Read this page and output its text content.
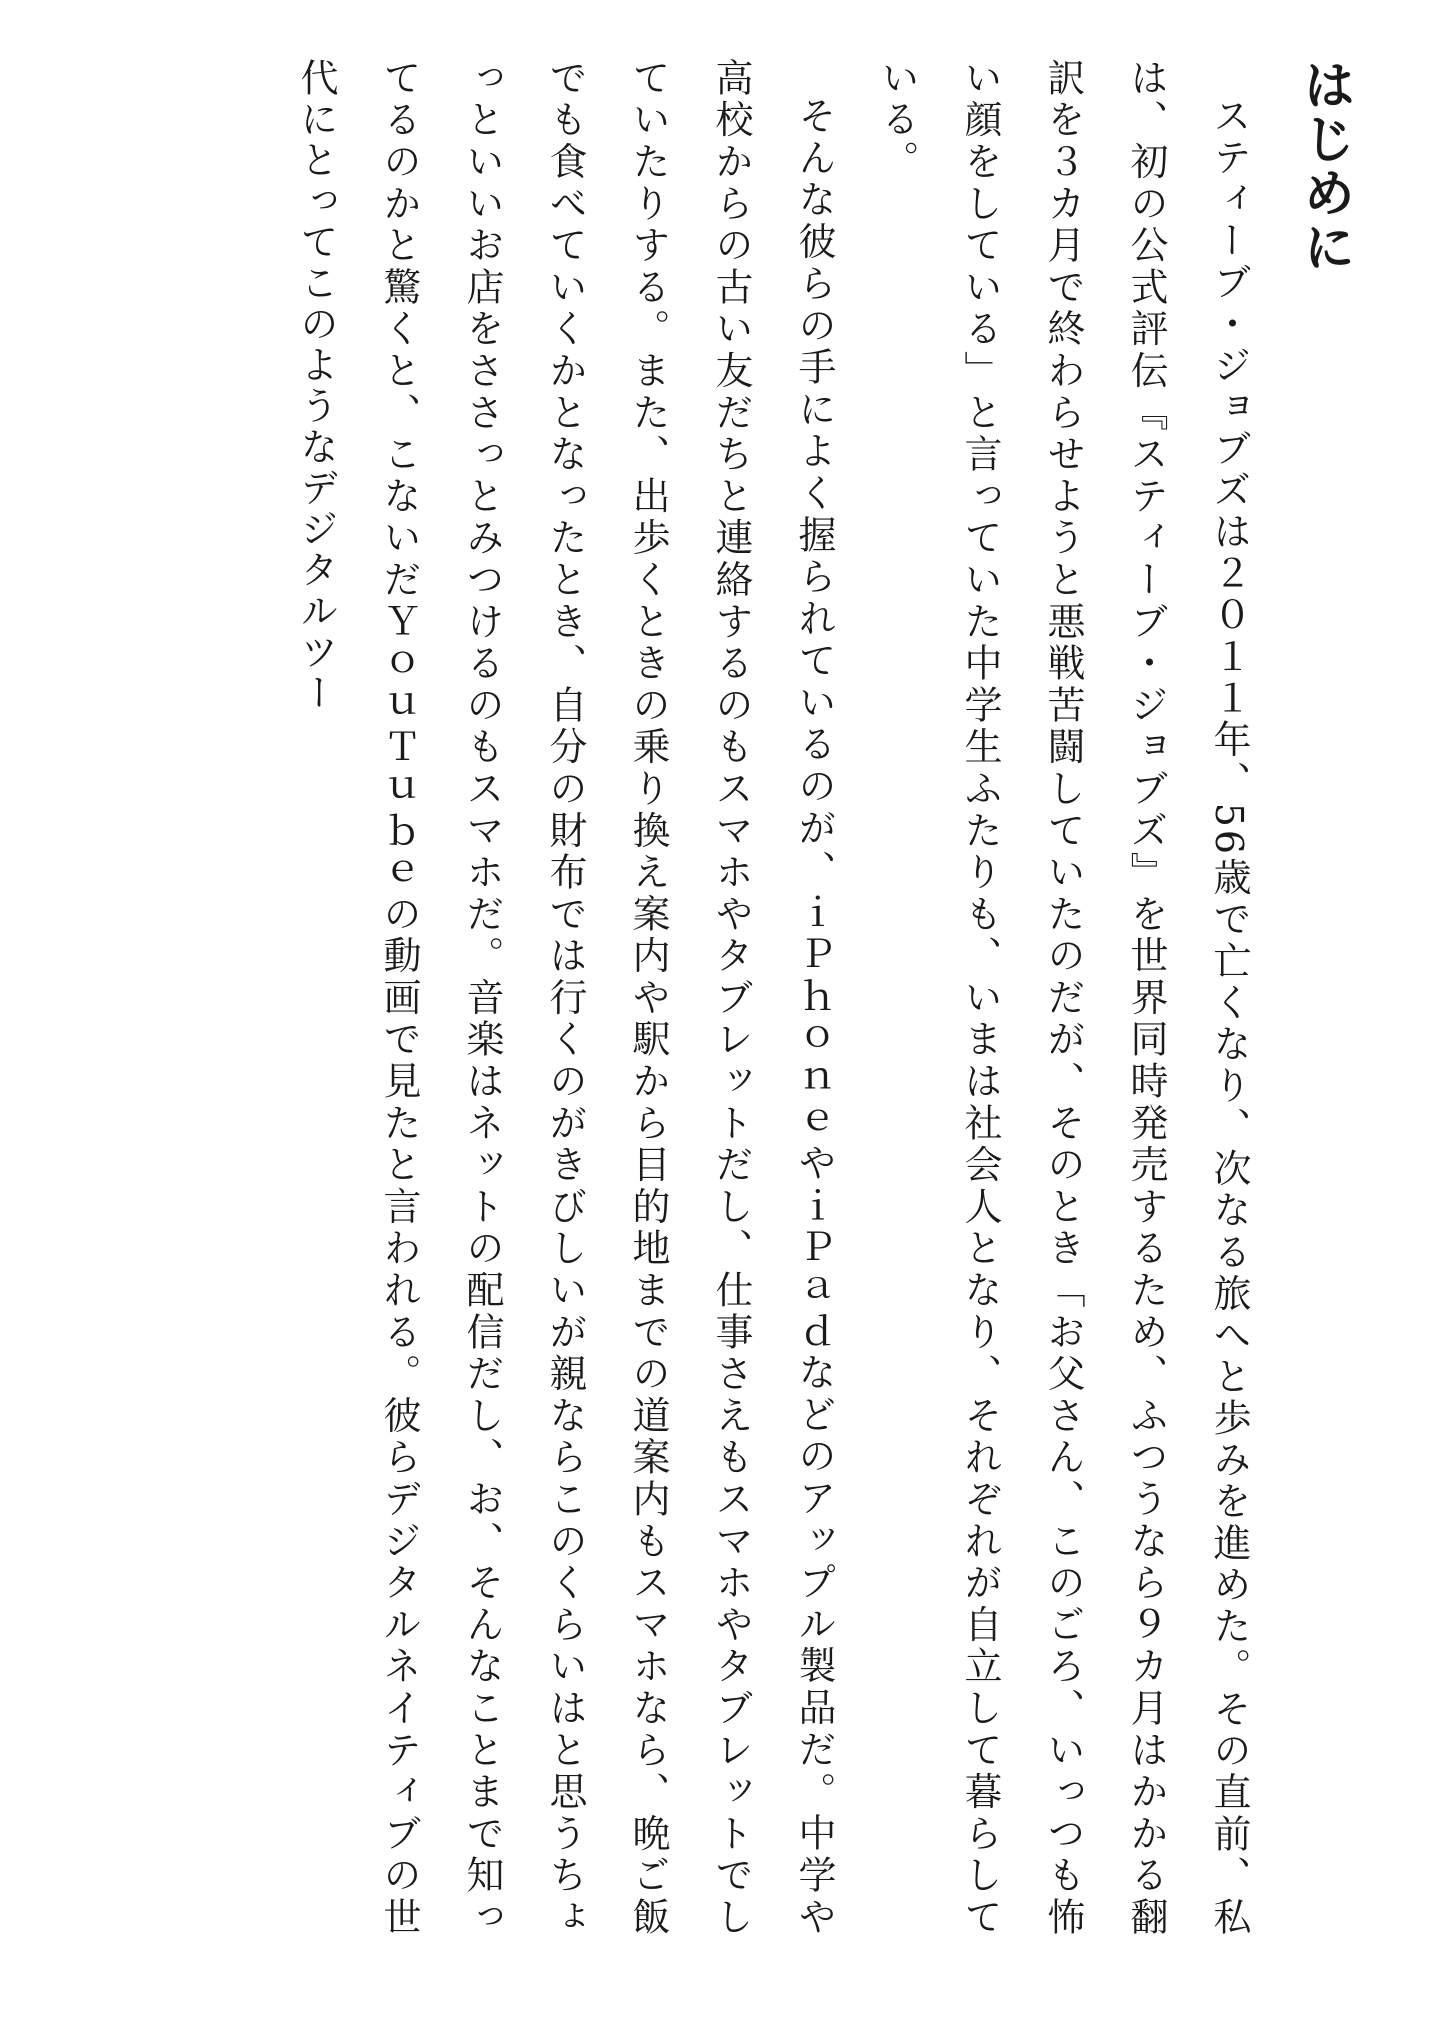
はじめに

スティーブ・ジョブズは２０１１年、56歳で亡くなり、次なる旅へと歩みを進めた。その直前、私は、初の公式評伝『スティーブ・ジョブズ』を世界同時発売するため、ふつうなら９カ月はかかる翻訳を３カ月で終わらせようと悪戦苦闘していたのだが、そのとき「お父さん、このごろ、いっつも怖い顔をしている」と言っていた中学生ふたりも、いまは社会人となり、それぞれが自立して暮らしている。

そんな彼らの手によく握られているのが、ｉＰｈｏｎｅやｉＰａｄなどのアップル製品だ。中学や高校からの古い友だちと連絡するのもスマホやタブレットだし、仕事さえもスマホやタブレットでしていたりする。また、出歩くときの乗り換え案内や駅から目的地までの道案内もスマホなら、晩ご飯でも食べていくかとなったとき、自分の財布では行くのがきびしいが親ならこのくらいはと思うちょっといいお店をささっとみつけるのもスマホだ。音楽はネットの配信だし、お、そんなことまで知ってるのかと驚くと、こないだＹｏｕＴｕｂｅの動画で見たと言われる。彼らデジタルネイティブの世代にとってこのようなデジタルツー
